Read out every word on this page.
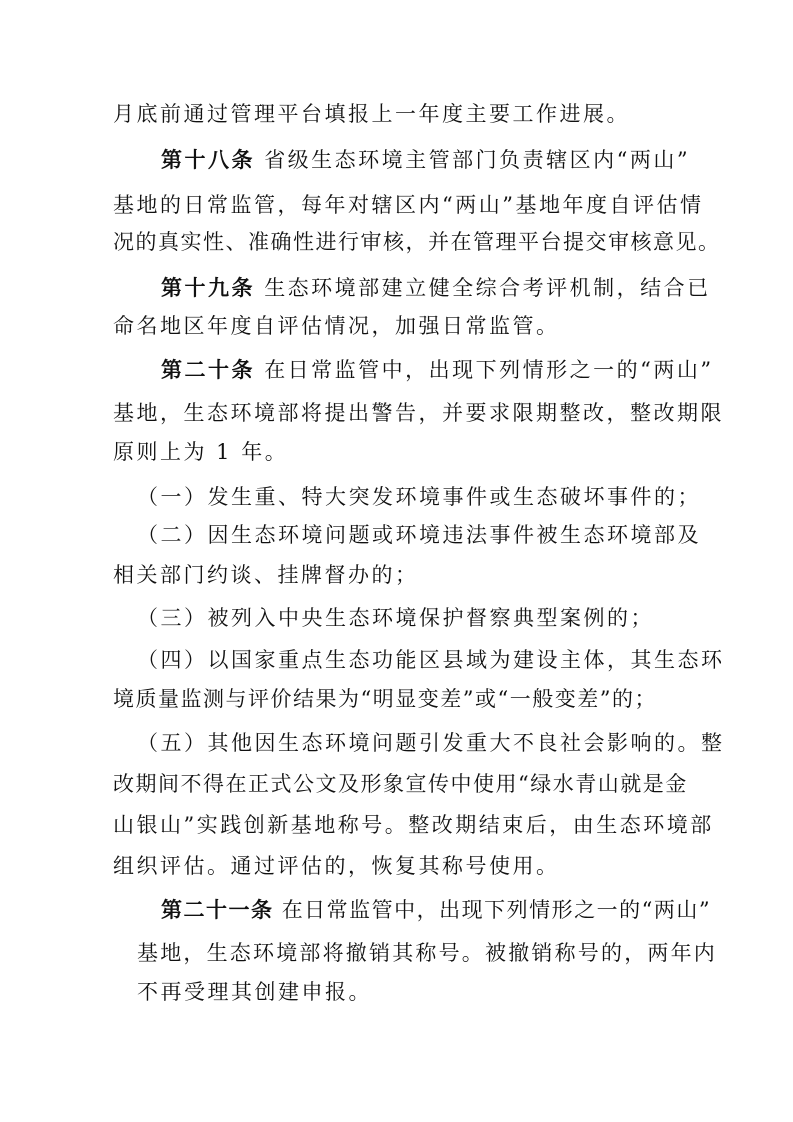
月底前通过管理平台填报上一年度主要工作进展。
第十八条 省级生态环境主管部门负责辖区内“两山”
基地的日常监管，每年对辖区内“两山”基地年度自评估情
况的真实性、准确性进行审核，并在管理平台提交审核意见。
第十九条 生态环境部建立健全综合考评机制，结合已
命名地区年度自评估情况，加强日常监管。
第二十条 在日常监管中，出现下列情形之一的“两山”
基地，生态环境部将提出警告，并要求限期整改，整改期限
原则上为 1 年。
（一）发生重、特大突发环境事件或生态破坏事件的；
（二）因生态环境问题或环境违法事件被生态环境部及
相关部门约谈、挂牌督办的；
（三）被列入中央生态环境保护督察典型案例的；
（四）以国家重点生态功能区县域为建设主体，其生态环
境质量监测与评价结果为“明显变差”或“一般变差”的；
（五）其他因生态环境问题引发重大不良社会影响的。整
改期间不得在正式公文及形象宣传中使用“绿水青山就是金
山银山”实践创新基地称号。整改期结束后，由生态环境部
组织评估。通过评估的，恢复其称号使用。
第二十一条 在日常监管中，出现下列情形之一的“两山”
基地，生态环境部将撤销其称号。被撤销称号的，两年内
不再受理其创建申报。
